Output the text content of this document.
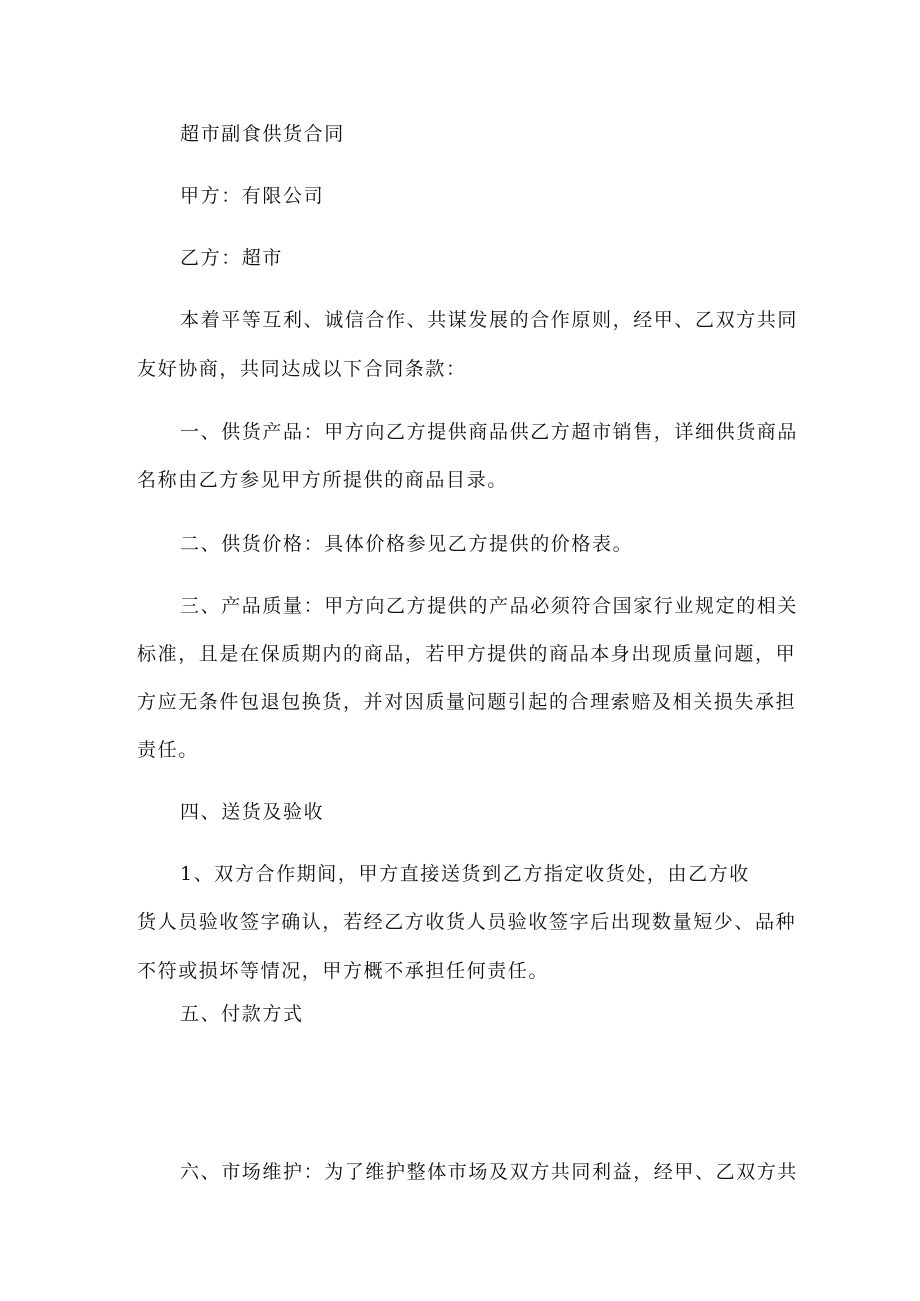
超市副食供货合同
甲方：有限公司
乙方：超市
本着平等互利、诚信合作、共谋发展的合作原则，经甲、乙双方共同
友好协商，共同达成以下合同条款：
一、供货产品：甲方向乙方提供商品供乙方超市销售，详细供货商品
名称由乙方参见甲方所提供的商品目录。
二、供货价格：具体价格参见乙方提供的价格表。
三、产品质量：甲方向乙方提供的产品必须符合国家行业规定的相关
标准，且是在保质期内的商品，若甲方提供的商品本身出现质量问题，甲
方应无条件包退包换货，并对因质量问题引起的合理索赔及相关损失承担
责任。
四、送货及验收
1、双方合作期间，甲方直接送货到乙方指定收货处，由乙方收
货人员验收签字确认，若经乙方收货人员验收签字后出现数量短少、品种
不符或损坏等情况，甲方概不承担任何责任。
五、付款方式
六、市场维护：为了维护整体市场及双方共同利益，经甲、乙双方共
